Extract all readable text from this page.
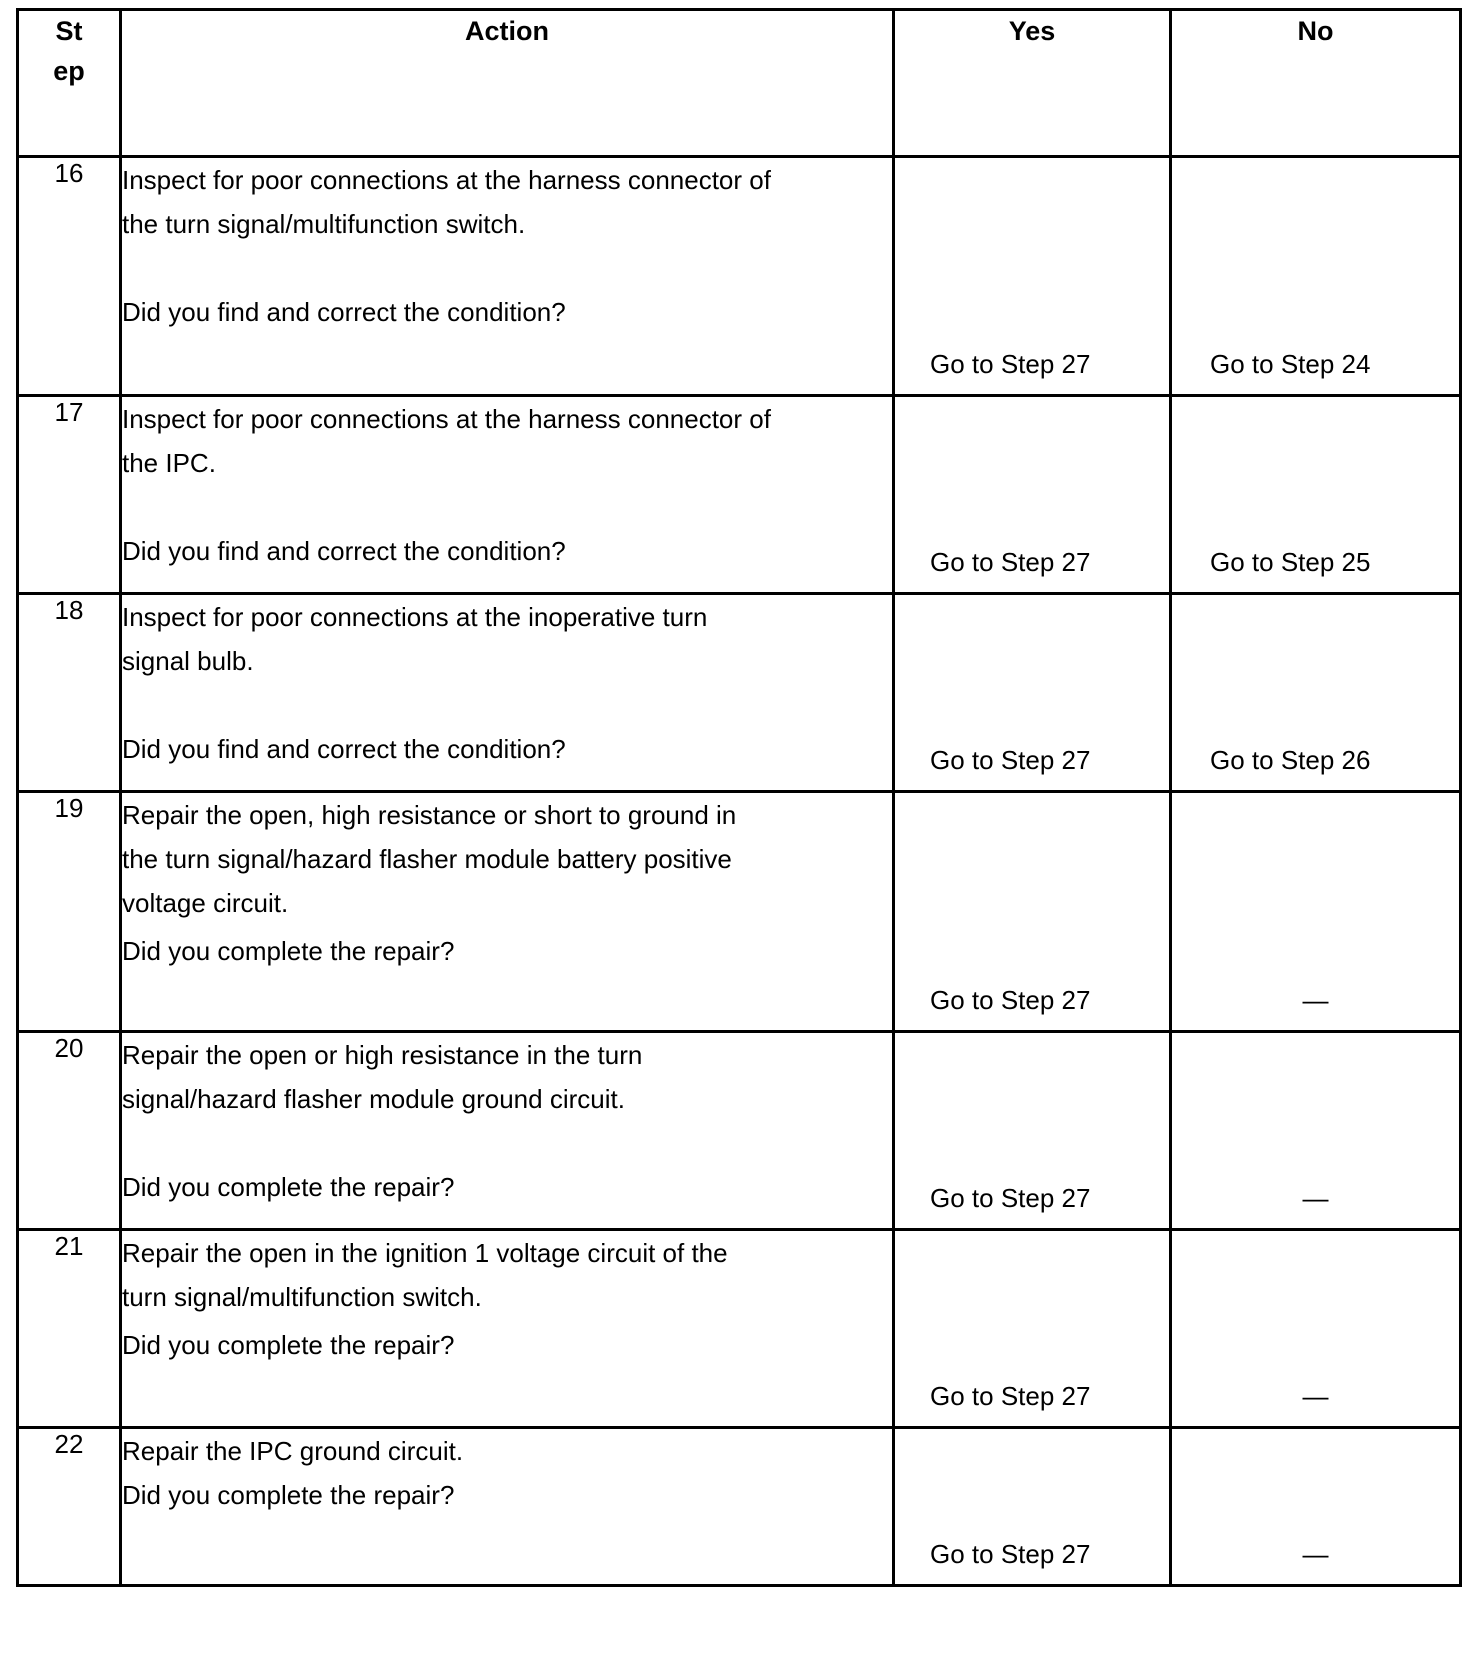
St
ep	Action	Yes	No
16	Inspect for poor connections at the harness connector of
the turn signal/multifunction switch.
Did you find and correct the condition?	Go to Step 27	Go to Step 24

17	Inspect for poor connections at the harness connector of
the IPC.
Did you find and correct the condition?	Go to Step 27	Go to Step 25

18	Inspect for poor connections at the inoperative turn
signal bulb.
Did you find and correct the condition?	Go to Step 27	Go to Step 26

19	Repair the open, high resistance or short to ground in
the turn signal/hazard flasher module battery positive
voltage circuit.
Did you complete the repair?	Go to Step 27	—

20	Repair the open or high resistance in the turn
signal/hazard flasher module ground circuit.
Did you complete the repair?	Go to Step 27	—

21	Repair the open in the ignition 1 voltage circuit of the
turn signal/multifunction switch.
Did you complete the repair?	Go to Step 27	—

22	Repair the IPC ground circuit.
Did you complete the repair?	Go to Step 27	—
